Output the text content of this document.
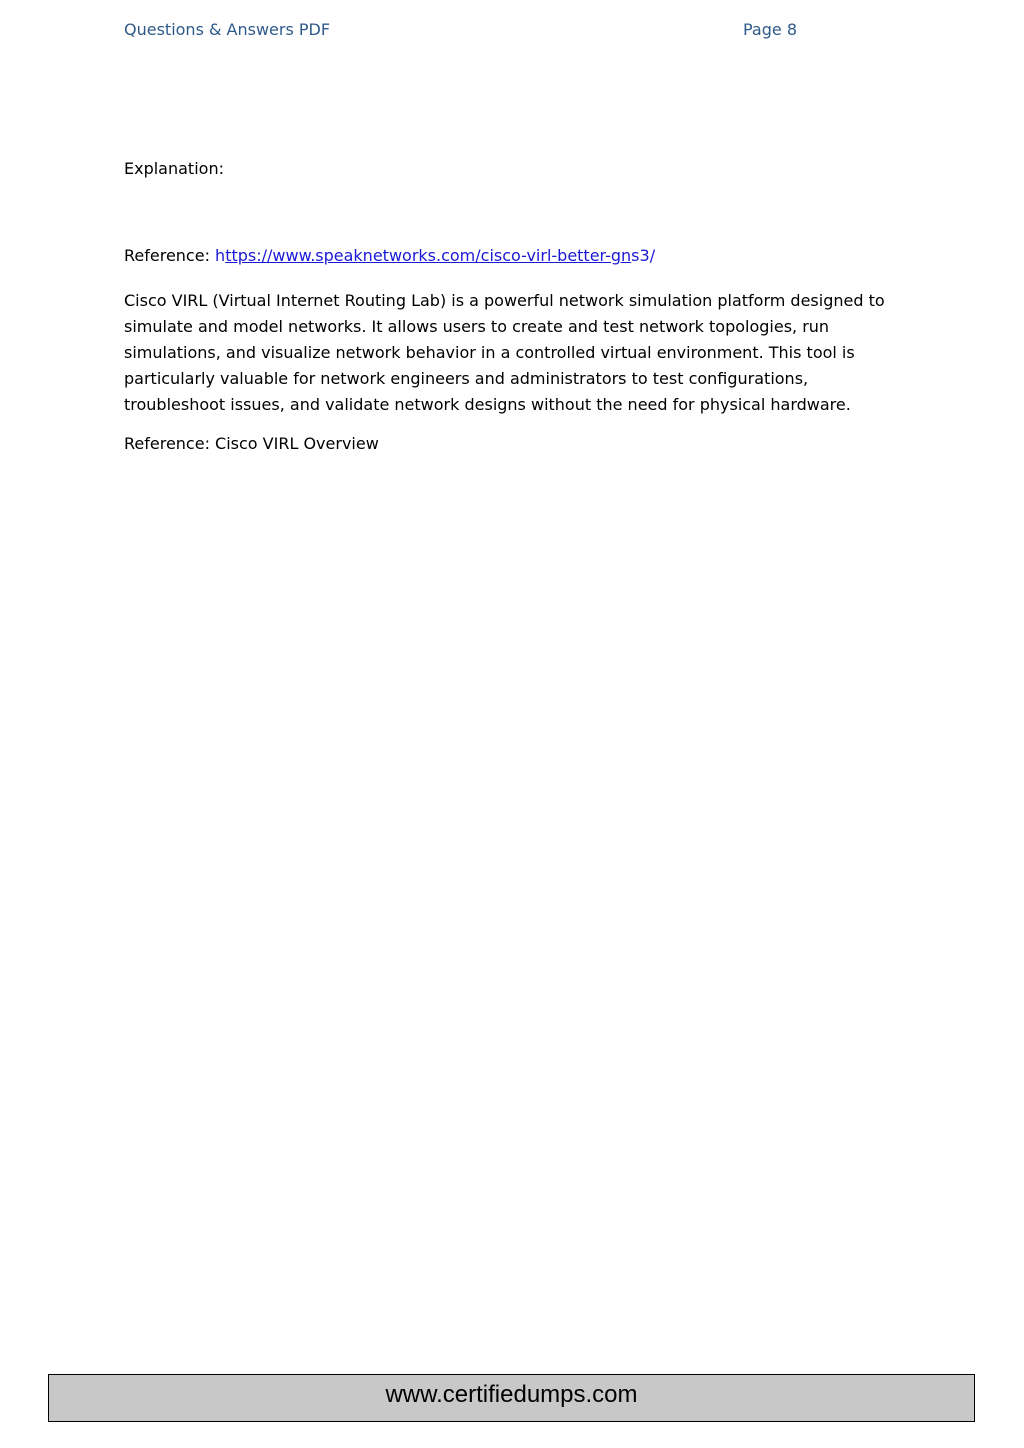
Questions & Answers PDF	Page 8
Explanation:
Reference: https://www.speaknetworks.com/cisco-virl-better-gns3/
Cisco VIRL (Virtual Internet Routing Lab) is a powerful network simulation platform designed to simulate and model networks. It allows users to create and test network topologies, run simulations, and visualize network behavior in a controlled virtual environment. This tool is particularly valuable for network engineers and administrators to test configurations, troubleshoot issues, and validate network designs without the need for physical hardware.
Reference: Cisco VIRL Overview
www.certifiedumps.com
